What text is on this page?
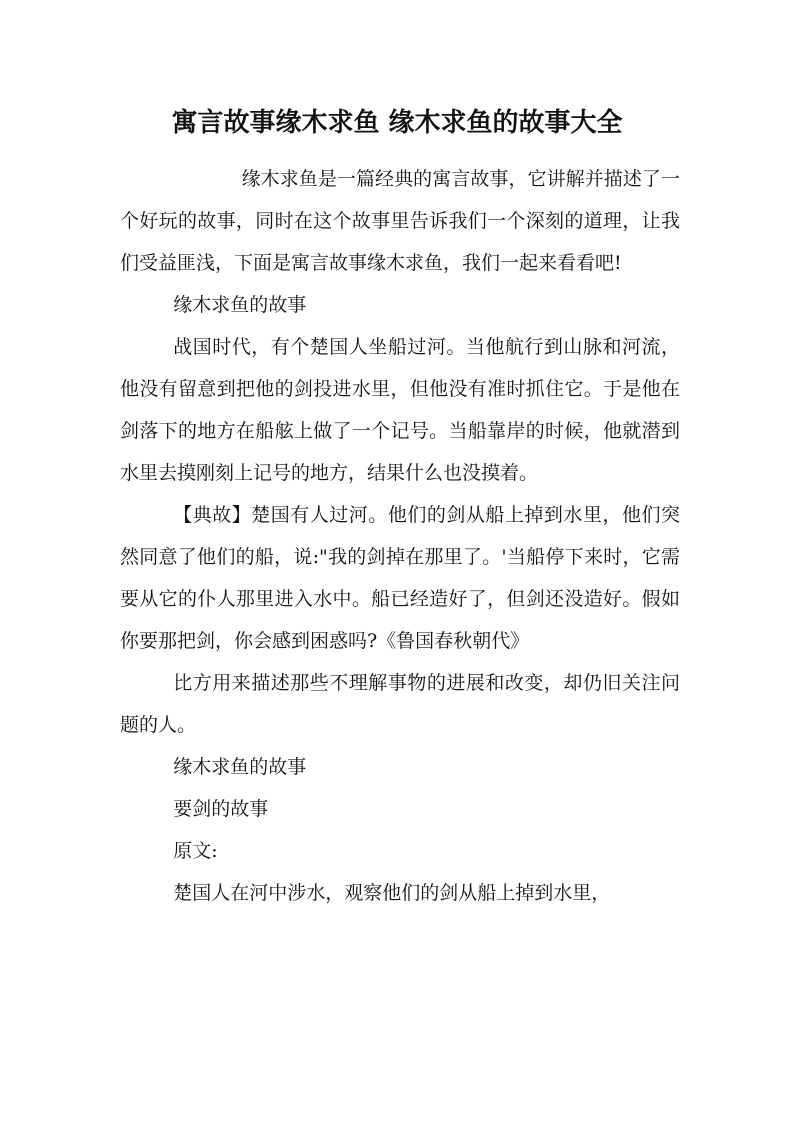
寓言故事缘木求鱼 缘木求鱼的故事大全

缘木求鱼是一篇经典的寓言故事，它讲解并描述了一个好玩的故事，同时在这个故事里告诉我们一个深刻的道理，让我们受益匪浅，下面是寓言故事缘木求鱼，我们一起来看看吧!

缘木求鱼的故事

战国时代，有个楚国人坐船过河。当他航行到山脉和河流，他没有留意到把他的剑投进水里，但他没有准时抓住它。于是他在剑落下的地方在船舷上做了一个记号。当船靠岸的时候，他就潜到水里去摸刚刻上记号的地方，结果什么也没摸着。

【典故】楚国有人过河。他们的剑从船上掉到水里，他们突然同意了他们的船，说:"我的剑掉在那里了。'当船停下来时，它需要从它的仆人那里进入水中。船已经造好了，但剑还没造好。假如你要那把剑，你会感到困惑吗?《鲁国春秋朝代》

比方用来描述那些不理解事物的进展和改变，却仍旧关注问题的人。

缘木求鱼的故事

要剑的故事

原文:

楚国人在河中涉水，观察他们的剑从船上掉到水里，
